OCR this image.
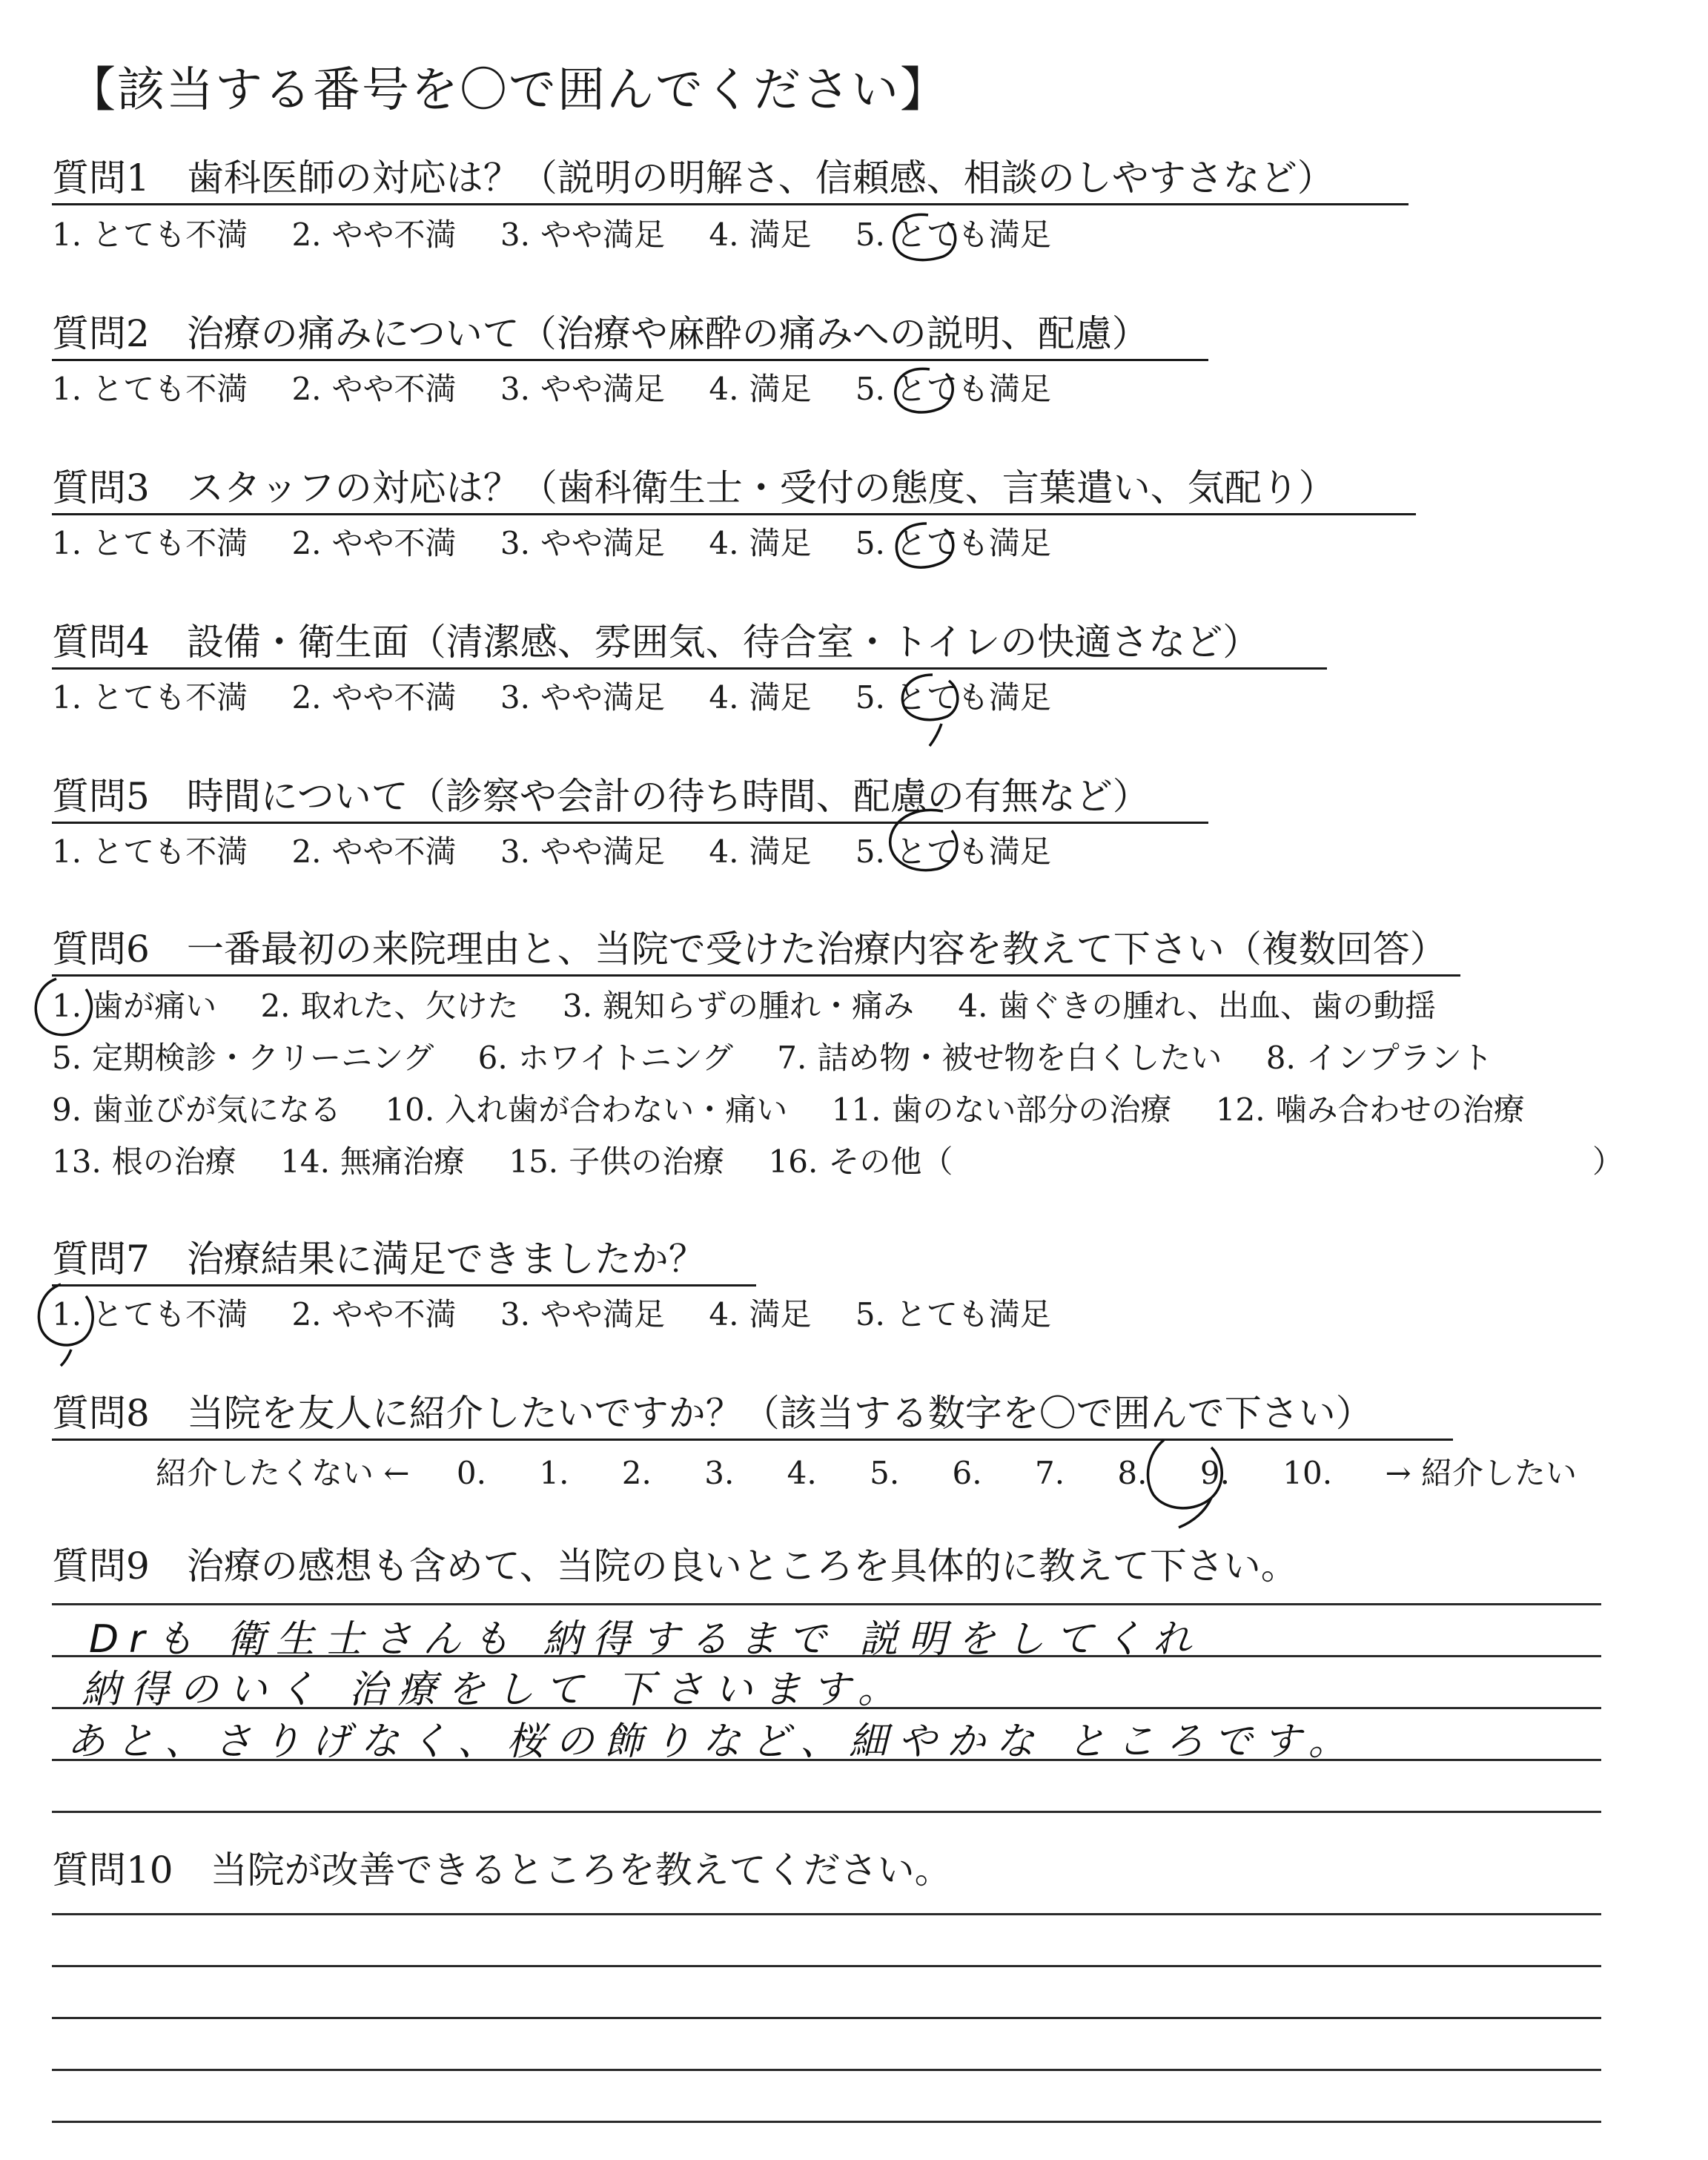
【該当する番号を〇で囲んでください】
質問1　 歯科医師の対応は？（説明の明解さ、信頼感、相談のしやすさなど）
1. とても不満 2. やや不満 3. やや満足 4. 満足 5. とても満足
質問2　 治療の痛みについて（治療や麻酔の痛みへの説明、配慮）
1. とても不満 2. やや不満 3. やや満足 4. 満足 5. とても満足
質問3　 スタッフの対応は？（歯科衛生士・受付の態度、言葉遣い、気配り）
1. とても不満 2. やや不満 3. やや満足 4. 満足 5. とても満足
質問4　 設備・衛生面（清潔感、雰囲気、待合室・トイレの快適さなど）
1. とても不満 2. やや不満 3. やや満足 4. 満足 5. とても満足
質問5　 時間について（診察や会計の待ち時間、配慮の有無など）
1. とても不満 2. やや不満 3. やや満足 4. 満足 5. とても満足
質問6　 一番最初の来院理由と、当院で受けた治療内容を教えて下さい（複数回答）
1. 歯が痛い 2. 取れた、欠けた 3. 親知らずの腫れ・痛み 4. 歯ぐきの腫れ、出血、歯の動揺
5. 定期検診・クリーニング 6. ホワイトニング 7. 詰め物・被せ物を白くしたい 8. インプラント
9. 歯並びが気になる 10. 入れ歯が合わない・痛い 11. 歯のない部分の治療 12. 噛み合わせの治療
13. 根の治療 14. 無痛治療 15. 子供の治療 16. その他（	）
質問7　 治療結果に満足できましたか？
1. とても不満 2. やや不満 3. やや満足 4. 満足 5. とても満足
質問8　 当院を友人に紹介したいですか？（該当する数字を〇で囲んで下さい）
紹介したくない ← 0. 1. 2. 3. 4. 5. 6. 7. 8. 9. 10. → 紹介したい
質問9　 治療の感想も含めて、当院の良いところを具体的に教えて下さい。
Drも 衛生士さんも 納得するまで 説明をしてくれ
納得のいく 治療をして 下さいます。
あと、さりげなく、桜の飾りなど、細やかな ところです。
質問10　 当院が改善できるところを教えてください。
